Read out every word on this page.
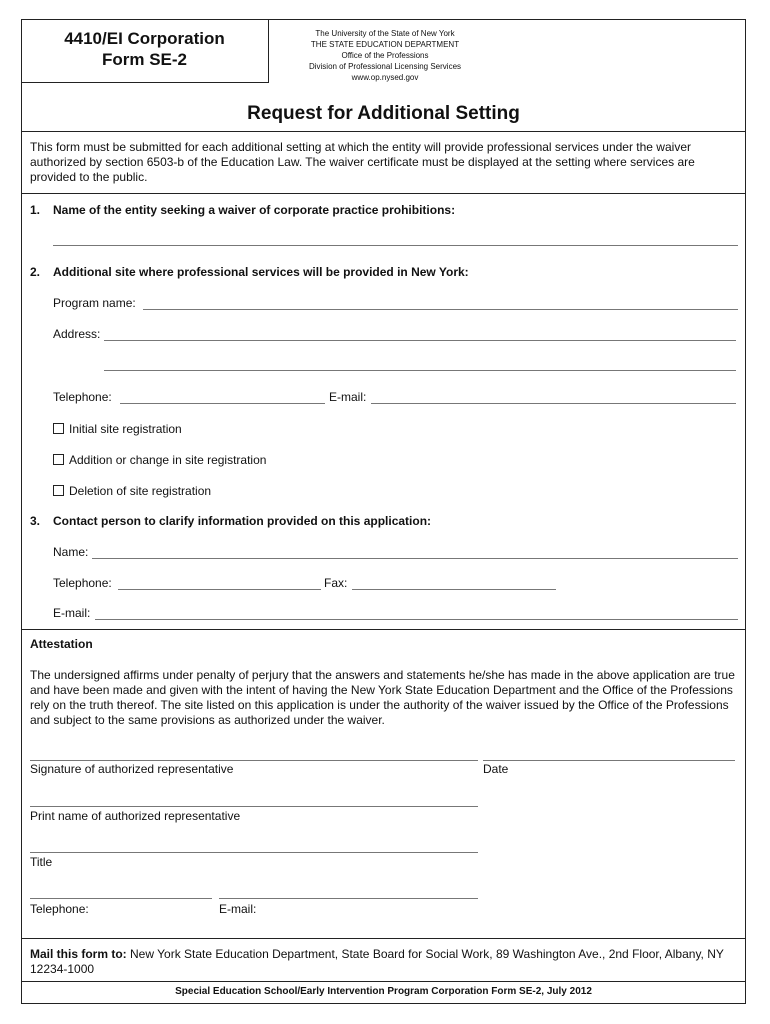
4410/EI Corporation
Form SE-2
The University of the State of New York
THE STATE EDUCATION DEPARTMENT
Office of the Professions
Division of Professional Licensing Services
www.op.nysed.gov
Request for Additional Setting
This form must be submitted for each additional setting at which the entity will provide professional services under the waiver authorized by section 6503-b of the Education Law. The waiver certificate must be displayed at the setting where services are provided to the public.
1. Name of the entity seeking a waiver of corporate practice prohibitions:
2. Additional site where professional services will be provided in New York:
Program name:
Address:
Telephone:	E-mail:
Initial site registration
Addition or change in site registration
Deletion of site registration
3. Contact person to clarify information provided on this application:
Name:
Telephone:	Fax:
E-mail:
Attestation
The undersigned affirms under penalty of perjury that the answers and statements he/she has made in the above application are true and have been made and given with the intent of having the New York State Education Department and the Office of the Professions rely on the truth thereof. The site listed on this application is under the authority of the waiver issued by the Office of the Professions and subject to the same provisions as authorized under the waiver.
Signature of authorized representative	Date
Print name of authorized representative
Title
Telephone:	E-mail:
Mail this form to: New York State Education Department, State Board for Social Work, 89 Washington Ave., 2nd Floor, Albany, NY 12234-1000
Special Education School/Early Intervention Program Corporation Form SE-2, July 2012
